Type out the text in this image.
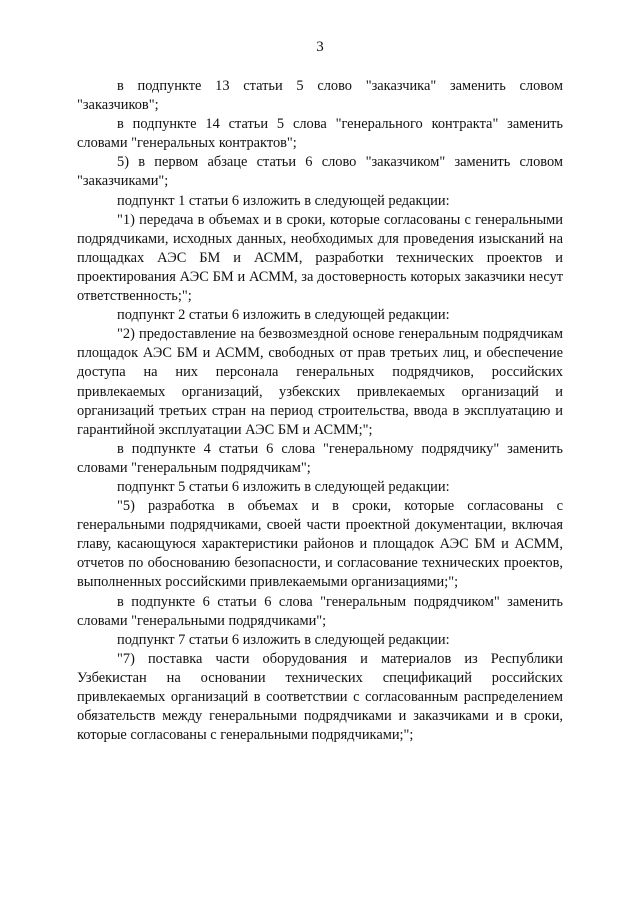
3

в подпункте 13 статьи 5 слово "заказчика" заменить словом "заказчиков";

в подпункте 14 статьи 5 слова "генерального контракта" заменить словами "генеральных контрактов";

5) в первом абзаце статьи 6 слово "заказчиком" заменить словом "заказчиками";

подпункт 1 статьи 6 изложить в следующей редакции:

"1) передача в объемах и в сроки, которые согласованы с генеральными подрядчиками, исходных данных, необходимых для проведения изысканий на площадках АЭС БМ и АСММ, разработки технических проектов и проектирования АЭС БМ и АСММ, за достоверность которых заказчики несут ответственность;";

подпункт 2 статьи 6 изложить в следующей редакции:

"2) предоставление на безвозмездной основе генеральным подрядчикам площадок АЭС БМ и АСММ, свободных от прав третьих лиц, и обеспечение доступа на них персонала генеральных подрядчиков, российских привлекаемых организаций, узбекских привлекаемых организаций и организаций третьих стран на период строительства, ввода в эксплуатацию и гарантийной эксплуатации АЭС БМ и АСММ;";

в подпункте 4 статьи 6 слова "генеральному подрядчику" заменить словами "генеральным подрядчикам";

подпункт 5 статьи 6 изложить в следующей редакции:

"5) разработка в объемах и в сроки, которые согласованы с генеральными подрядчиками, своей части проектной документации, включая главу, касающуюся характеристики районов и площадок АЭС БМ и АСММ, отчетов по обоснованию безопасности, и согласование технических проектов, выполненных российскими привлекаемыми организациями;";

в подпункте 6 статьи 6 слова "генеральным подрядчиком" заменить словами "генеральными подрядчиками";

подпункт 7 статьи 6 изложить в следующей редакции:

"7) поставка части оборудования и материалов из Республики Узбекистан на основании технических спецификаций российских привлекаемых организаций в соответствии с согласованным распределением обязательств между генеральными подрядчиками и заказчиками и в сроки, которые согласованы с генеральными подрядчиками;";
